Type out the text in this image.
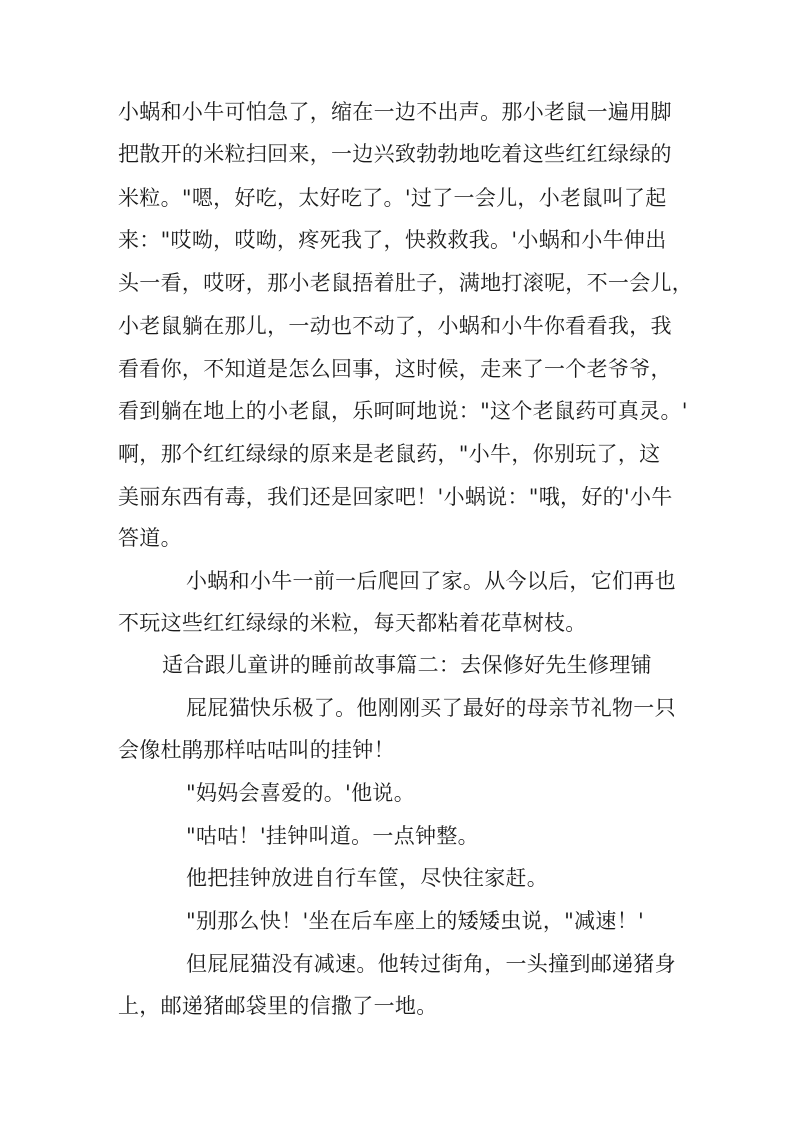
小蜗和小牛可怕急了，缩在一边不出声。那小老鼠一遍用脚
把散开的米粒扫回来，一边兴致勃勃地吃着这些红红绿绿的
米粒。"嗯，好吃，太好吃了。'过了一会儿，小老鼠叫了起
来："哎呦，哎呦，疼死我了，快救救我。'小蜗和小牛伸出
头一看，哎呀，那小老鼠捂着肚子，满地打滚呢，不一会儿，
小老鼠躺在那儿，一动也不动了，小蜗和小牛你看看我，我
看看你，不知道是怎么回事，这时候，走来了一个老爷爷，
看到躺在地上的小老鼠，乐呵呵地说："这个老鼠药可真灵。'
啊，那个红红绿绿的原来是老鼠药，"小牛，你别玩了，这
美丽东西有毒，我们还是回家吧！'小蜗说："哦，好的'小牛
答道。
小蜗和小牛一前一后爬回了家。从今以后，它们再也
不玩这些红红绿绿的米粒，每天都粘着花草树枝。
适合跟儿童讲的睡前故事篇二：去保修好先生修理铺
屁屁猫快乐极了。他刚刚买了最好的母亲节礼物一只
会像杜鹃那样咕咕叫的挂钟！
"妈妈会喜爱的。'他说。
"咕咕！'挂钟叫道。一点钟整。
他把挂钟放进自行车筐，尽快往家赶。
"别那么快！'坐在后车座上的矮矮虫说，"减速！'
但屁屁猫没有减速。他转过街角，一头撞到邮递猪身
上，邮递猪邮袋里的信撒了一地。
